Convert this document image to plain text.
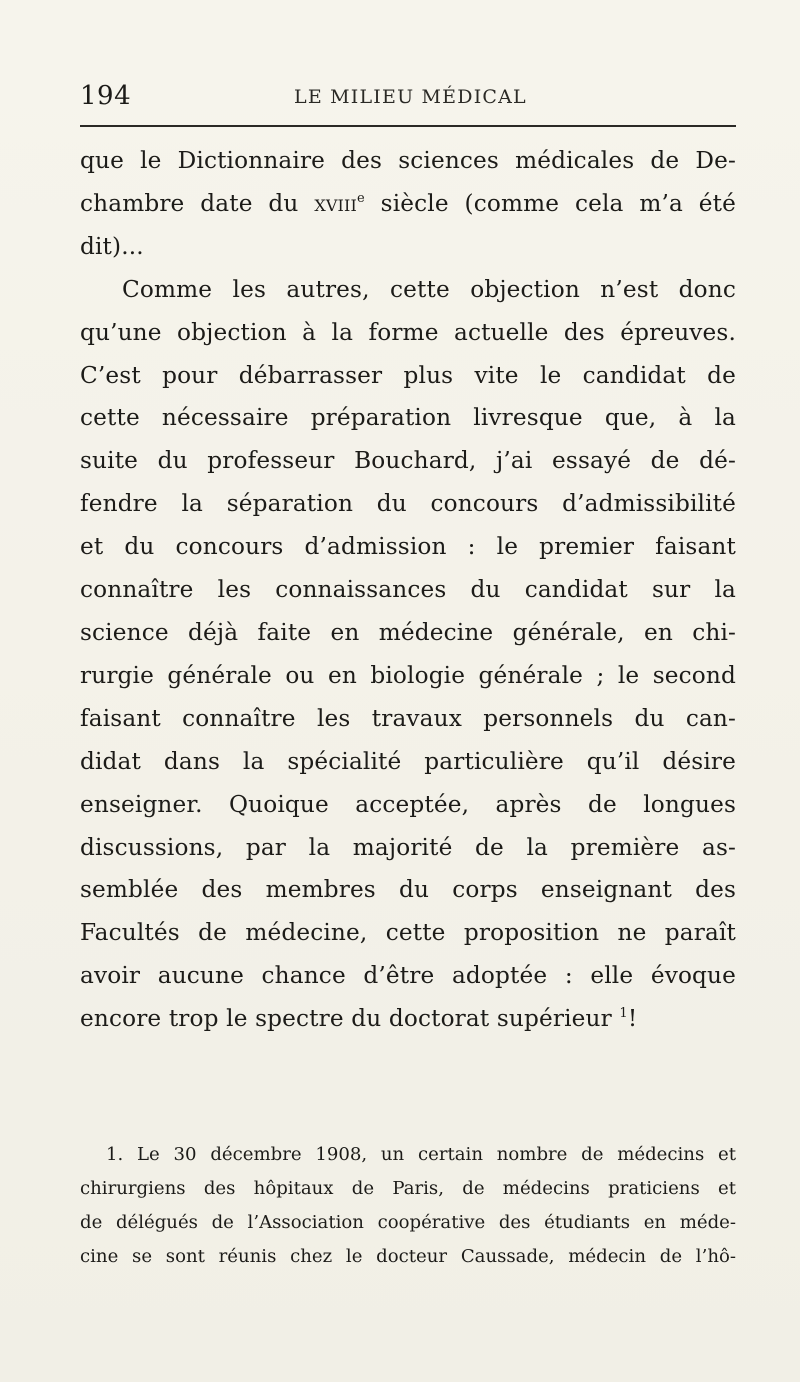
194	LE MILIEU MÉDICAL
que le Dictionnaire des sciences médicales de De-
chambre date du xviii$^e$ siècle (comme cela m’a été
dit)...
Comme les autres, cette objection n’est donc
qu’une objection à la forme actuelle des épreuves.
C’est pour débarrasser plus vite le candidat de
cette nécessaire préparation livresque que, à la
suite du professeur Bouchard, j’ai essayé de dé-
fendre la séparation du concours d’admissibilité
et du concours d’admission : le premier faisant
connaître les connaissances du candidat sur la
science déjà faite en médecine générale, en chi-
rurgie générale ou en biologie générale ; le second
faisant connaître les travaux personnels du can-
didat dans la spécialité particulière qu’il désire
enseigner. Quoique acceptée, après de longues
discussions, par la majorité de la première as-
semblée des membres du corps enseignant des
Facultés de médecine, cette proposition ne paraît
avoir aucune chance d’être adoptée : elle évoque
encore trop le spectre du doctorat supérieur $^1$!
1. Le 30 décembre 1908, un certain nombre de médecins et
chirurgiens des hôpitaux de Paris, de médecins praticiens et
de délégués de l’Association coopérative des étudiants en méde-
cine se sont réunis chez le docteur Caussade, médecin de l’hô-
